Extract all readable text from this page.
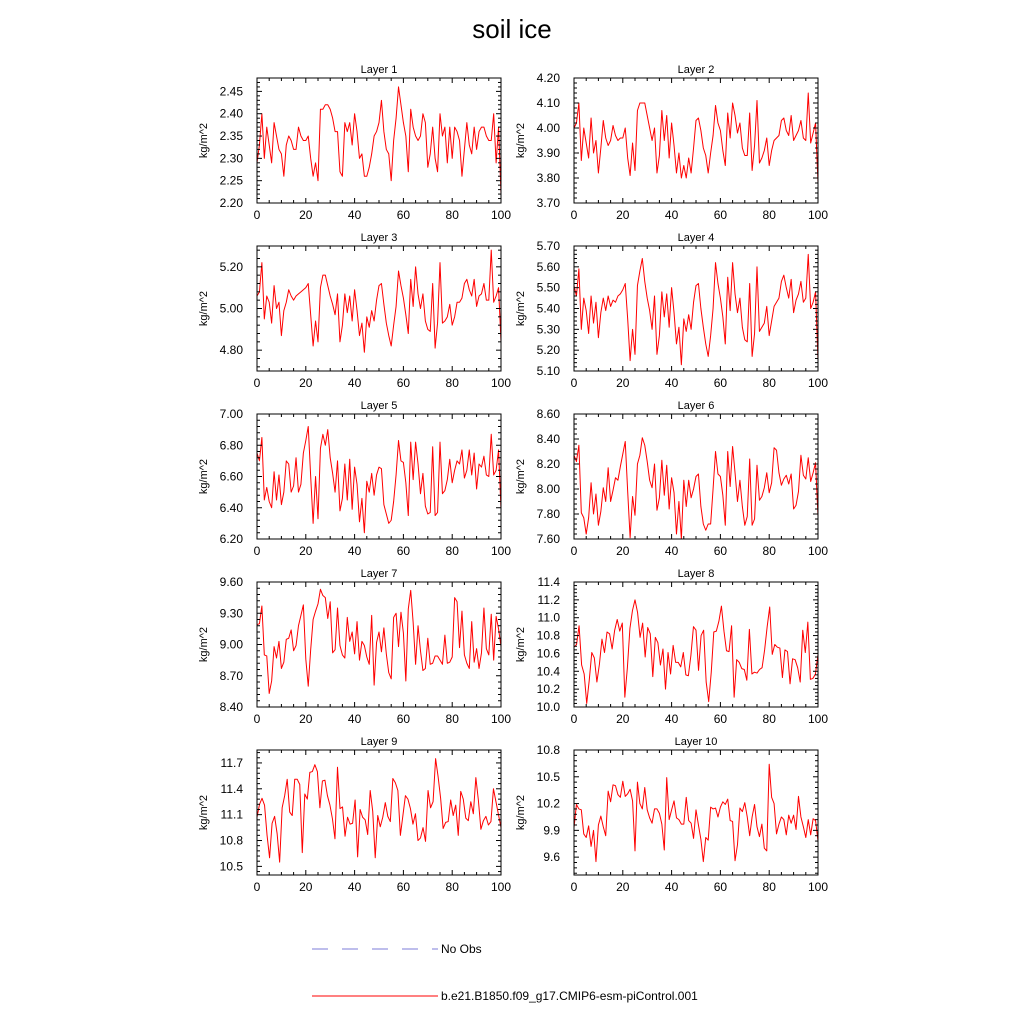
soil ice
Layer 1
kg/m^2
0	20	40	60	80	100
2.20
2.25
2.30
2.35
2.40
2.45
Layer 2
kg/m^2
0	20	40	60	80	100
3.70
3.80
3.90
4.00
4.10
4.20
Layer 3
kg/m^2
0	20	40	60	80	100
4.80
5.00
5.20
Layer 4
kg/m^2
0	20	40	60	80	100
5.10
5.20
5.30
5.40
5.50
5.60
5.70
Layer 5
kg/m^2
0	20	40	60	80	100
6.20
6.40
6.60
6.80
7.00
Layer 6
kg/m^2
0	20	40	60	80	100
7.60
7.80
8.00
8.20
8.40
8.60
Layer 7
kg/m^2
0	20	40	60	80	100
8.40
8.70
9.00
9.30
9.60
Layer 8
kg/m^2
0	20	40	60	80	100
10.0
10.2
10.4
10.6
10.8
11.0
11.2
11.4
Layer 9
kg/m^2
0	20	40	60	80	100
10.5
10.8
11.1
11.4
11.7
Layer 10
kg/m^2
0	20	40	60	80	100
9.6
9.9
10.2
10.5
10.8
No Obs
b.e21.B1850.f09_g17.CMIP6-esm-piControl.001
